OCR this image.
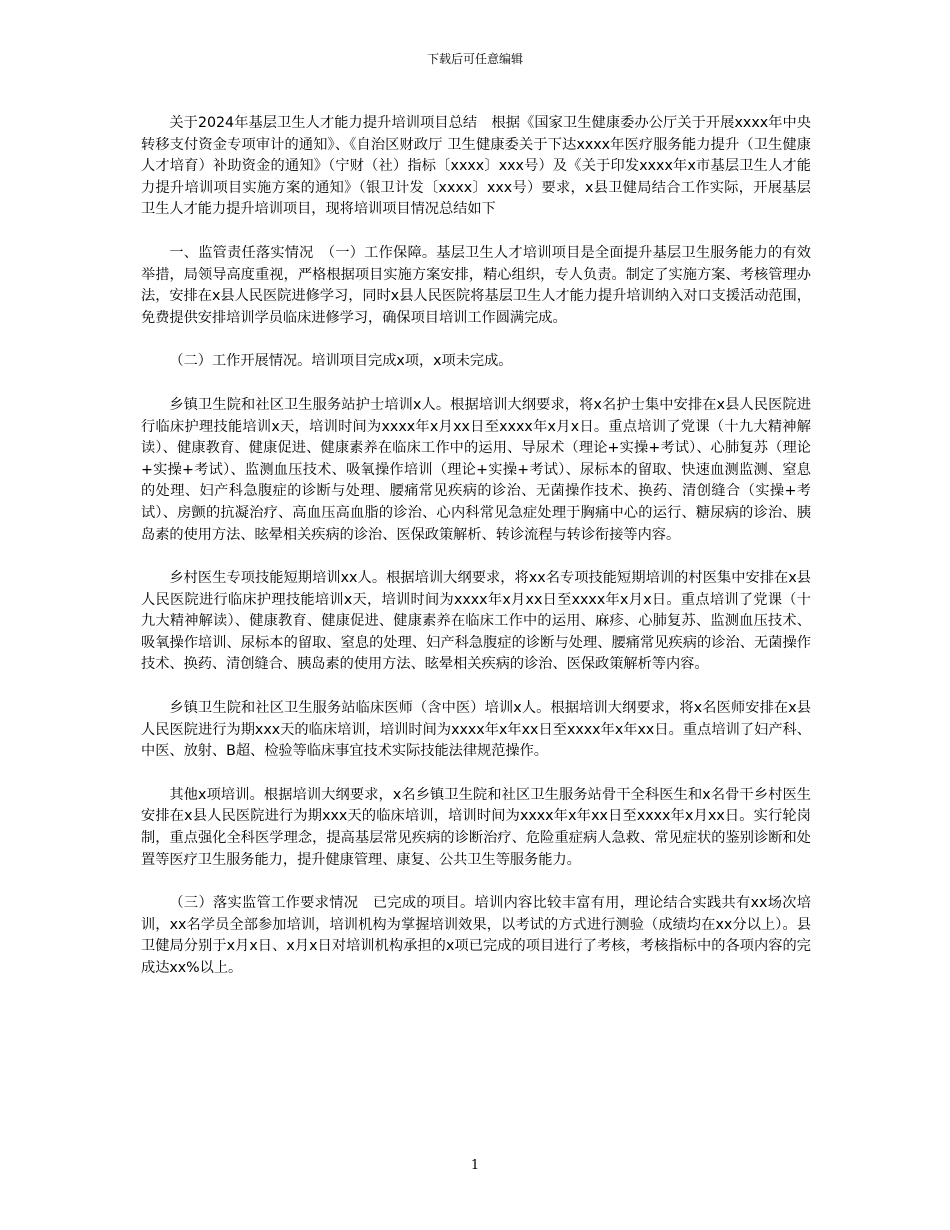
下载后可任意编辑

关于2024年基层卫生人才能力提升培训项目总结　根据《国家卫生健康委办公厅关于开展xxxx年中央转移支付资金专项审计的通知》、《自治区财政厅 卫生健康委关于下达xxxx年医疗服务能力提升（卫生健康人才培育）补助资金的通知》（宁财（社）指标〔xxxx〕xxx号）及《关于印发xxxx年x市基层卫生人才能力提升培训项目实施方案的通知》（银卫计发〔xxxx〕xxx号）要求，x县卫健局结合工作实际，开展基层卫生人才能力提升培训项目，现将培训项目情况总结如下

一、监管责任落实情况　（一）工作保障。基层卫生人才培训项目是全面提升基层卫生服务能力的有效举措，局领导高度重视，严格根据项目实施方案安排，精心组织，专人负责。制定了实施方案、考核管理办法，安排在x县人民医院进修学习，同时x县人民医院将基层卫生人才能力提升培训纳入对口支援活动范围，免费提供安排培训学员临床进修学习，确保项目培训工作圆满完成。

（二）工作开展情况。培训项目完成x项，x项未完成。

乡镇卫生院和社区卫生服务站护士培训x人。根据培训大纲要求，将x名护士集中安排在x县人民医院进行临床护理技能培训x天，培训时间为xxxx年x月xx日至xxxx年x月x日。重点培训了党课（十九大精神解读）、健康教育、健康促进、健康素养在临床工作中的运用、导尿术（理论+实操+考试）、心肺复苏（理论+实操+考试）、监测血压技术、吸氧操作培训（理论+实操+考试）、尿标本的留取、快速血测监测、窒息的处理、妇产科急腹症的诊断与处理、腰痛常见疾病的诊治、无菌操作技术、换药、清创缝合（实操+考试）、房颤的抗凝治疗、高血压高血脂的诊治、心内科常见急症处理于胸痛中心的运行、糖尿病的诊治、胰岛素的使用方法、眩晕相关疾病的诊治、医保政策解析、转诊流程与转诊衔接等内容。

乡村医生专项技能短期培训xx人。根据培训大纲要求，将xx名专项技能短期培训的村医集中安排在x县人民医院进行临床护理技能培训x天，培训时间为xxxx年x月xx日至xxxx年x月x日。重点培训了党课（十九大精神解读）、健康教育、健康促进、健康素养在临床工作中的运用、麻疹、心肺复苏、监测血压技术、吸氧操作培训、尿标本的留取、窒息的处理、妇产科急腹症的诊断与处理、腰痛常见疾病的诊治、无菌操作技术、换药、清创缝合、胰岛素的使用方法、眩晕相关疾病的诊治、医保政策解析等内容。

乡镇卫生院和社区卫生服务站临床医师（含中医）培训x人。根据培训大纲要求，将x名医师安排在x县人民医院进行为期xxx天的临床培训，培训时间为xxxx年x年xx日至xxxx年x年xx日。重点培训了妇产科、中医、放射、B超、检验等临床事宜技术实际技能法律规范操作。

其他x项培训。根据培训大纲要求，x名乡镇卫生院和社区卫生服务站骨干全科医生和x名骨干乡村医生安排在x县人民医院进行为期xxx天的临床培训，培训时间为xxxx年x年xx日至xxxx年x月xx日。实行轮岗制，重点强化全科医学理念，提高基层常见疾病的诊断治疗、危险重症病人急救、常见症状的鉴别诊断和处置等医疗卫生服务能力，提升健康管理、康复、公共卫生等服务能力。

（三）落实监管工作要求情况　已完成的项目。培训内容比较丰富有用，理论结合实践共有xx场次培训，xx名学员全部参加培训，培训机构为掌握培训效果，以考试的方式进行测验（成绩均在xx分以上）。县卫健局分别于x月x日、x月x日对培训机构承担的x项已完成的项目进行了考核，考核指标中的各项内容的完成达xx%以上。

1
